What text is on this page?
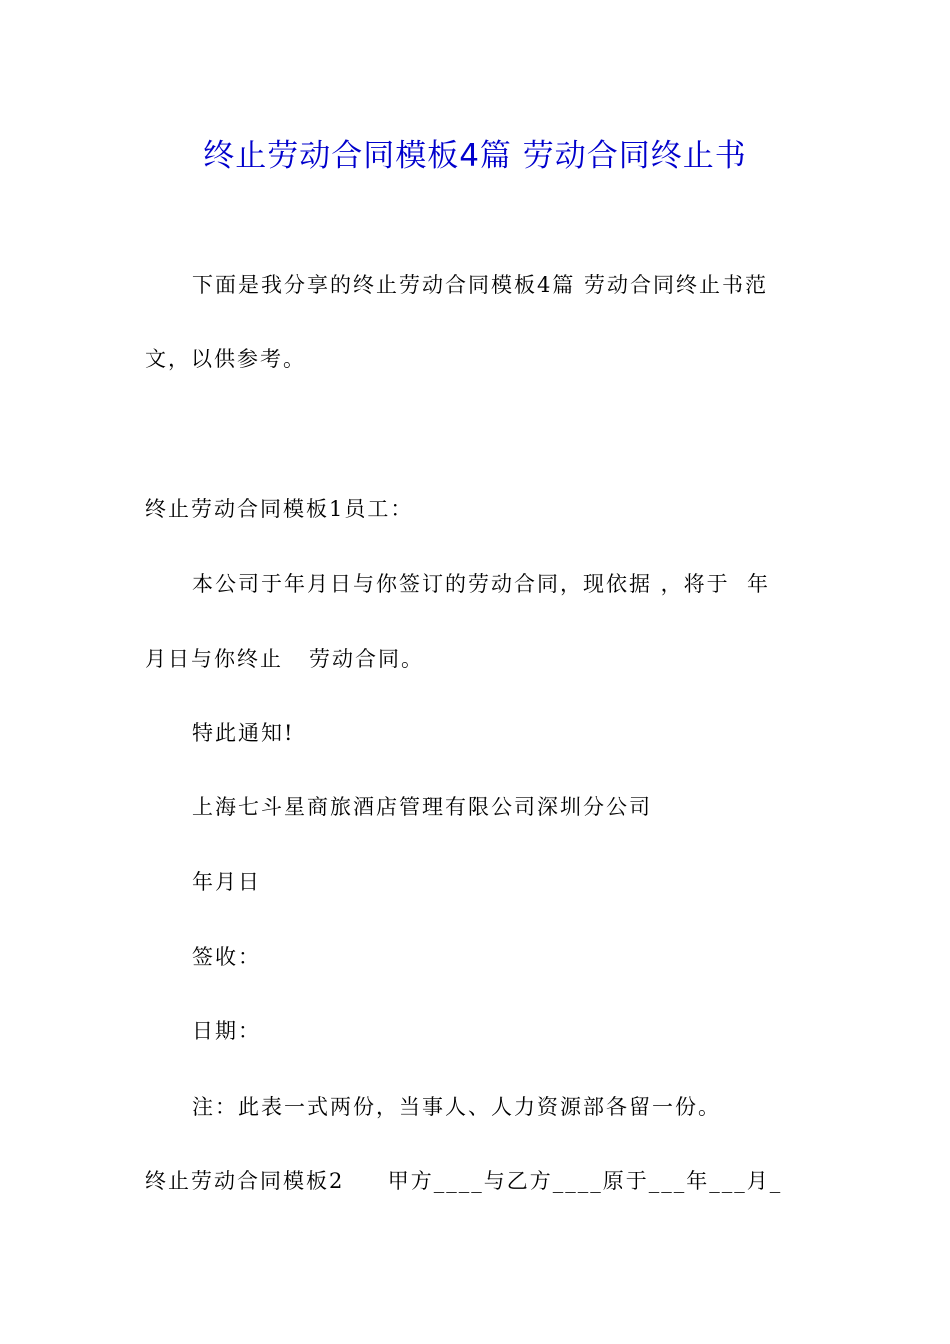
终止劳动合同模板4篇 劳动合同终止书
下面是我分享的终止劳动合同模板4篇 劳动合同终止书范
文，以供参考。
终止劳动合同模板1员工：
本公司于年月日与你签订的劳动合同，现依据 ，将于  年
月日与你终止   劳动合同。
特此通知!
上海七斗星商旅酒店管理有限公司深圳分公司
年月日
签收：
日期：
注：此表一式两份，当事人、人力资源部各留一份。
终止劳动合同模板2     甲方____与乙方____原于___年___月_
